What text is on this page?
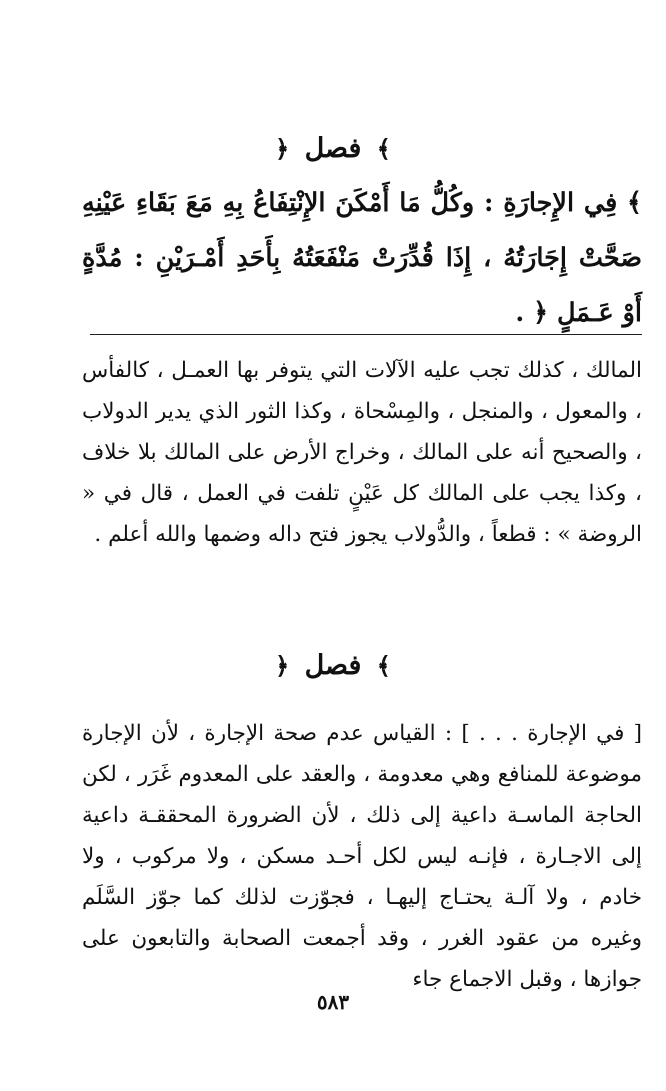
﴾ فصل ﴿

﴾ فِي الإِجارَةِ : وكُلُّ مَا أَمْكَنَ الإِنْتِفَاعُ بِهِ مَعَ بَقَاءِ عَيْنِهِ صَحَّتْ إِجَارَتُهُ ، إِذَا قُدِّرَتْ مَنْفَعَتُهُ بِأَحَدِ أَمْـرَيْنِ : مُدَّةٍ أَوْ عَـمَلٍ ﴿ .

المالك ، كذلك تجب عليه الآلات التي يتوفر بها العمـل ، كالفأس ، والمعول ، والمنجل ، والمِسْحاة ، وكذا الثور الذي يدير الدولاب ، والصحيح أنه على المالك ، وخراج الأرض على المالك بلا خلاف ، وكذا يجب على المالك كل عَيْنٍ تلفت في العمل ، قال في « الروضة » : قطعاً ، والدُّولاب يجوز فتح داله وضمها والله أعلم .

﴾ فصل ﴿

[ في الإجارة . . . ] : القياس عدم صحة الإجارة ، لأن الإجارة موضوعة للمنافع وهي معدومة ، والعقد على المعدوم غَرَر ، لكن الحاجة الماسـة داعية إلى ذلك ، لأن الضرورة المحققـة داعية إلى الاجـارة ، فإنـه ليس لكل أحـد مسكن ، ولا مركوب ، ولا خادم ، ولا آلـة يحتـاج إليهـا ، فجوّزت لذلك كما جوّز السَّلَم وغيره من عقود الغرر ، وقد أجمعت الصحابة والتابعون على جوازها ، وقبل الاجماع جاء

٥٨٣
